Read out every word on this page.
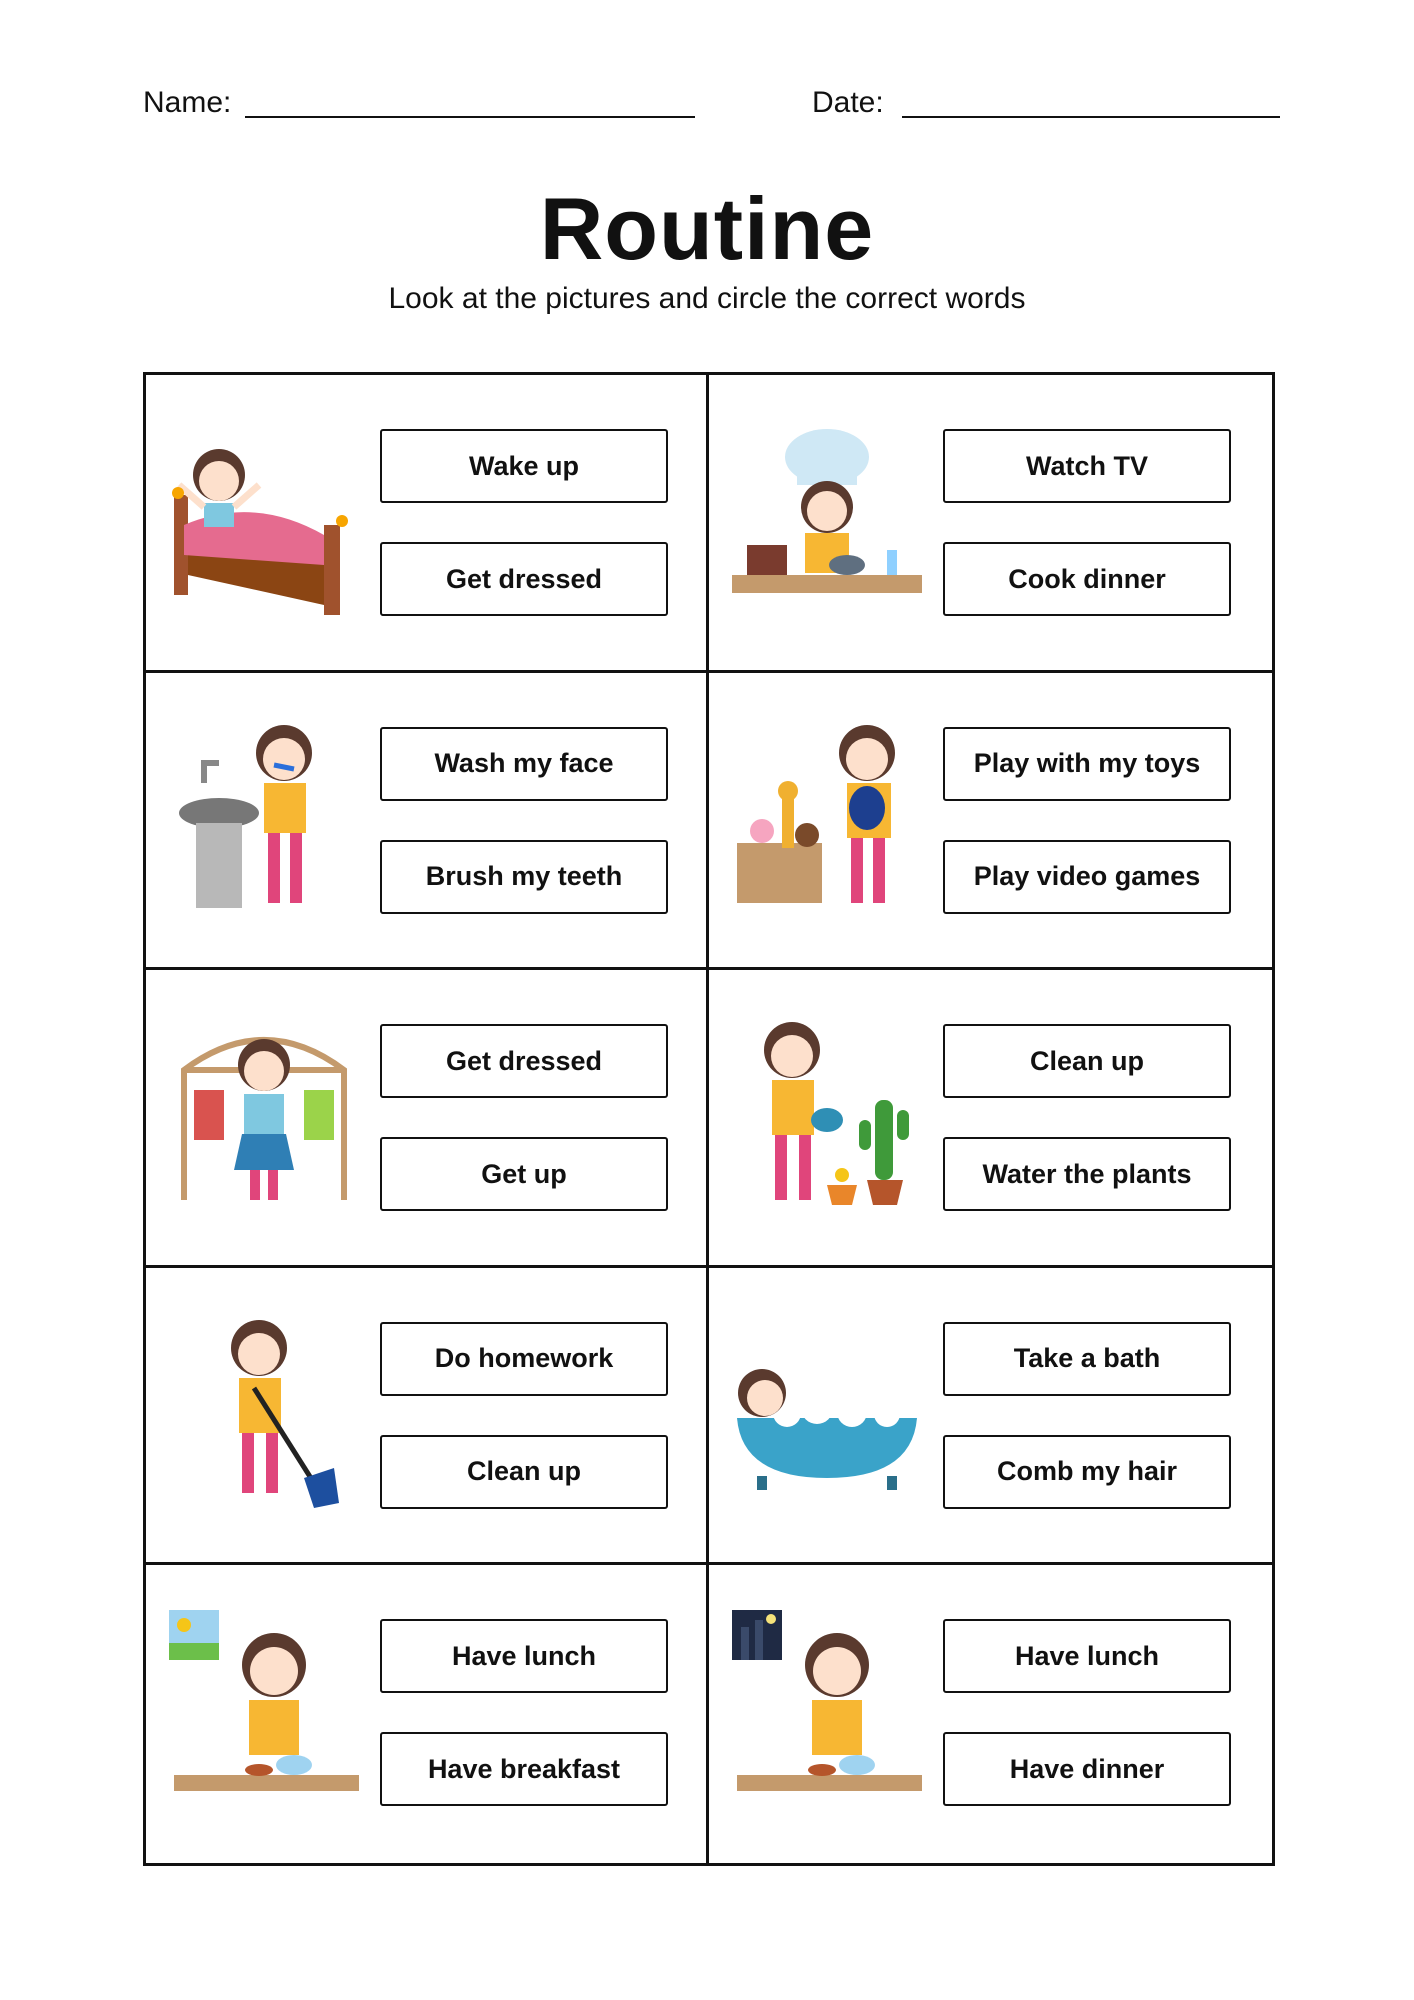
Name:	Date:
Routine
Look at the pictures and circle the correct words
Wake up
Get dressed
Watch TV
Cook dinner
Wash my face
Brush my teeth
Play with my toys
Play video games
Get dressed
Get up
Clean up
Water the plants
Do homework
Clean up
Take a bath
Comb my hair
Have lunch
Have breakfast
Have lunch
Have dinner
